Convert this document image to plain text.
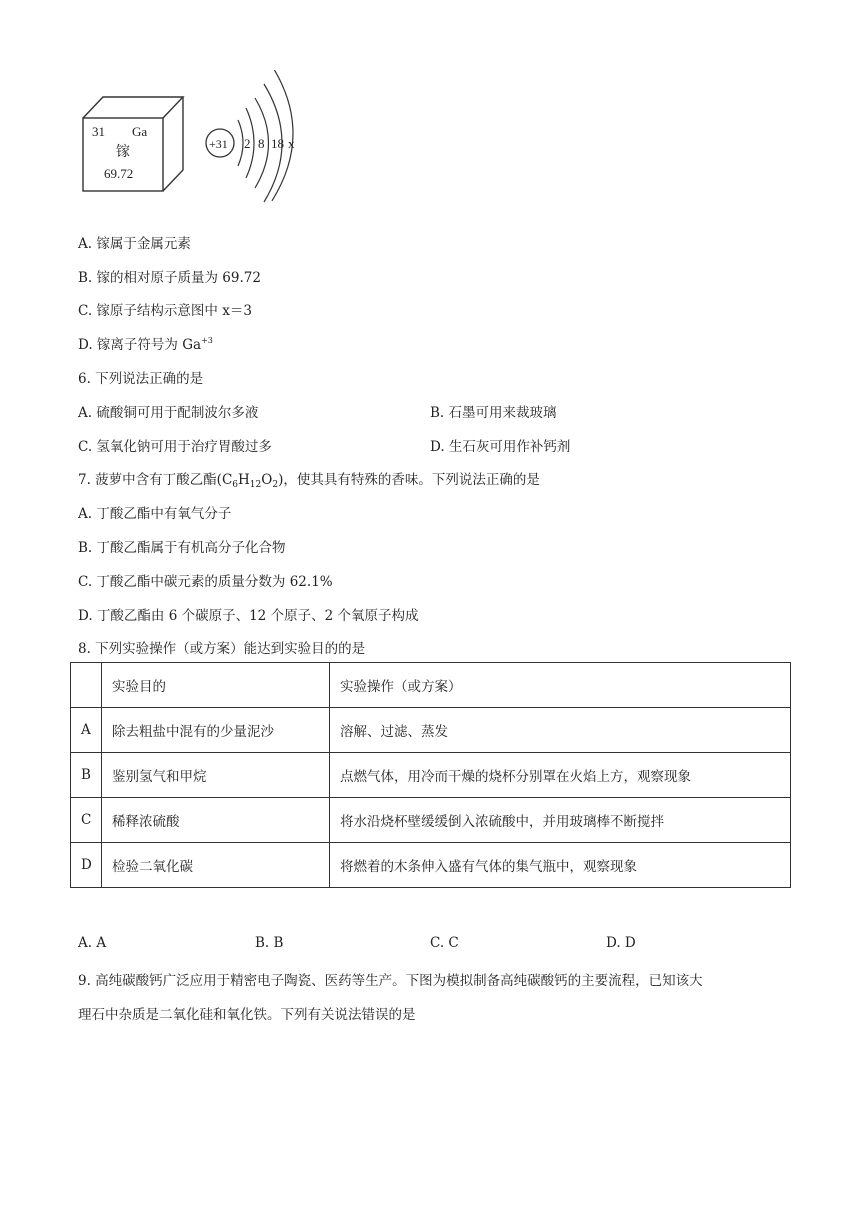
31 Ga
镓
69.72
+31 2 8 18 x
A. 镓属于金属元素
B. 镓的相对原子质量为 69.72
C. 镓原子结构示意图中 x＝3
D. 镓离子符号为 $Ga^{+3}$
6. 下列说法正确的是
A. 硫酸铜可用于配制波尔多液	B. 石墨可用来裁玻璃
C. 氢氧化钠可用于治疗胃酸过多	D. 生石灰可用作补钙剂
7. 菠萝中含有丁酸乙酯$(C_6H_{12}O_2)$，使其具有特殊的香味。下列说法正确的是
A. 丁酸乙酯中有氧气分子
B. 丁酸乙酯属于有机高分子化合物
C. 丁酸乙酯中碳元素的质量分数为 62.1%
D. 丁酸乙酯由 6 个碳原子、12 个原子、2 个氧原子构成
8. 下列实验操作（或方案）能达到实验目的的是
	实验目的	实验操作（或方案）
A	除去粗盐中混有的少量泥沙	溶解、过滤、蒸发
B	鉴别氢气和甲烷	点燃气体，用冷而干燥的烧杯分别罩在火焰上方，观察现象
C	稀释浓硫酸	将水沿烧杯壁缓缓倒入浓硫酸中，并用玻璃棒不断搅拌
D	检验二氧化碳	将燃着的木条伸入盛有气体的集气瓶中，观察现象
A. A	B. B	C. C	D. D
9. 高纯碳酸钙广泛应用于精密电子陶瓷、医药等生产。下图为模拟制备高纯碳酸钙的主要流程，已知该大
理石中杂质是二氧化硅和氧化铁。下列有关说法错误的是
